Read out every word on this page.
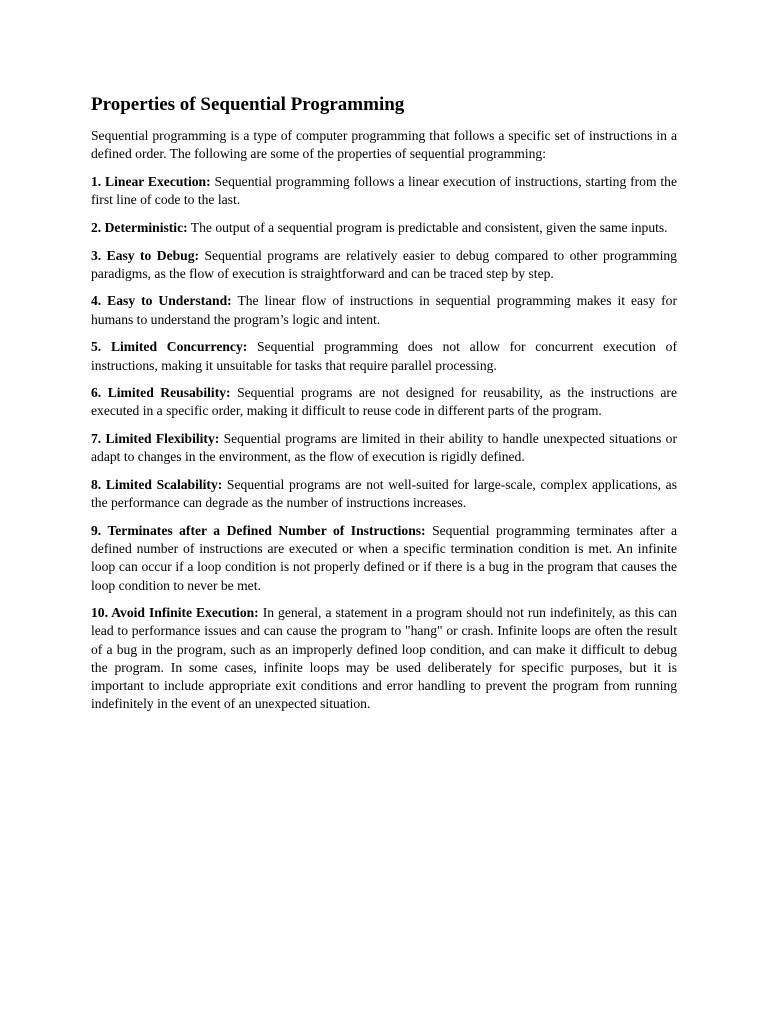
Properties of Sequential Programming

Sequential programming is a type of computer programming that follows a specific set of instructions in a defined order. The following are some of the properties of sequential programming:

1. Linear Execution: Sequential programming follows a linear execution of instructions, starting from the first line of code to the last.

2. Deterministic: The output of a sequential program is predictable and consistent, given the same inputs.

3. Easy to Debug: Sequential programs are relatively easier to debug compared to other programming paradigms, as the flow of execution is straightforward and can be traced step by step.

4. Easy to Understand: The linear flow of instructions in sequential programming makes it easy for humans to understand the program’s logic and intent.

5. Limited Concurrency: Sequential programming does not allow for concurrent execution of instructions, making it unsuitable for tasks that require parallel processing.

6. Limited Reusability: Sequential programs are not designed for reusability, as the instructions are executed in a specific order, making it difficult to reuse code in different parts of the program.

7. Limited Flexibility: Sequential programs are limited in their ability to handle unexpected situations or adapt to changes in the environment, as the flow of execution is rigidly defined.

8. Limited Scalability: Sequential programs are not well-suited for large-scale, complex applications, as the performance can degrade as the number of instructions increases.

9. Terminates after a Defined Number of Instructions: Sequential programming terminates after a defined number of instructions are executed or when a specific termination condition is met. An infinite loop can occur if a loop condition is not properly defined or if there is a bug in the program that causes the loop condition to never be met.

10. Avoid Infinite Execution: In general, a statement in a program should not run indefinitely, as this can lead to performance issues and can cause the program to "hang" or crash. Infinite loops are often the result of a bug in the program, such as an improperly defined loop condition, and can make it difficult to debug the program. In some cases, infinite loops may be used deliberately for specific purposes, but it is important to include appropriate exit conditions and error handling to prevent the program from running indefinitely in the event of an unexpected situation.
